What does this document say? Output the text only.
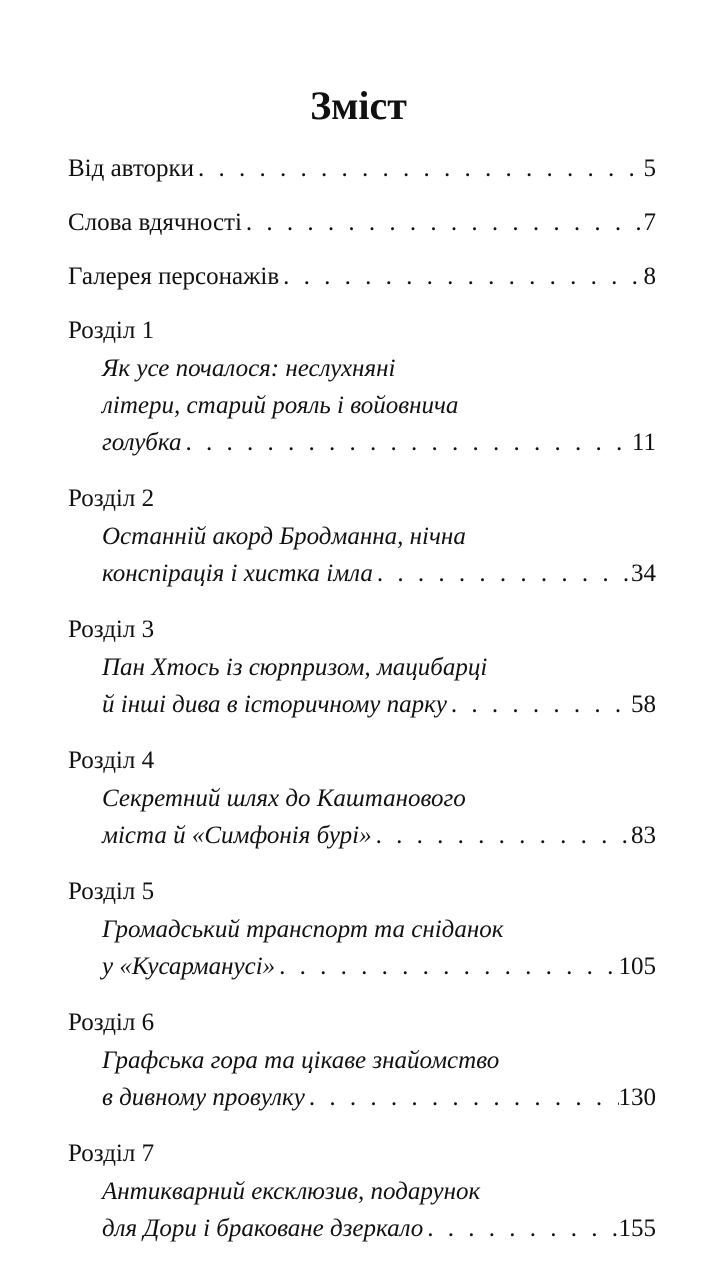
Зміст
Від авторки . . .	5
Слова вдячності . . .	7
Галерея персонажів . . .	8
Розділ 1
Як усе почалося: неслухняні
літери, старий рояль і войовнича
голубка . . .	11
Розділ 2
Останній акорд Бродманна, нічна
конспірація і хистка імла . . .	34
Розділ 3
Пан Хтось із сюрпризом, мацибарці
й інші дива в історичному парку . . .	58
Розділ 4
Секретний шлях до Каштанового
міста й «Симфонія бурі» . . .	83
Розділ 5
Громадський транспорт та сніданок
у «Кусарманусі» . . .	105
Розділ 6
Графська гора та цікаве знайомство
в дивному провулку . . .	130
Розділ 7
Антикварний ексклюзив, подарунок
для Дори і браковане дзеркало . . .	155
